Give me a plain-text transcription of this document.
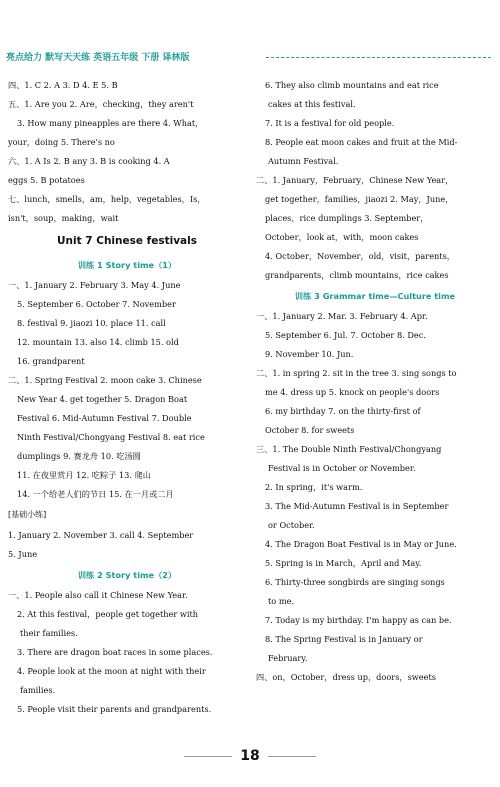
亮点给力 默写天天练 英语五年级 下册 译林版
四、1. C 2. A 3. D 4. E 5. B
五、1. Are you 2. Are，checking，they aren't
3. How many pineapples are there 4. What，
your，doing 5. There's no
六、1. A Is 2. B any 3. B is cooking 4. A
eggs 5. B potatoes
七、lunch，smells，am，help，vegetables，Is，
isn't，soup，making，wait
Unit 7 Chinese festivals
训练 1 Story time（1）
一、1. January 2. February 3. May 4. June
5. September 6. October 7. November
8. festival 9. jiaozi 10. place 11. call
12. mountain 13. also 14. climb 15. old
16. grandparent
二、1. Spring Festival 2. moon cake 3. Chinese
New Year 4. get together 5. Dragon Boat
Festival 6. Mid-Autumn Festival 7. Double
Ninth Festival/Chongyang Festival 8. eat rice
dumplings 9. 赛龙舟 10. 吃汤圆
11. 在夜里赏月 12. 吃粽子 13. 爬山
14. 一个给老人们的节日 15. 在一月或二月
[基础小练]
1. January 2. November 3. call 4. September
5. June
训练 2 Story time（2）
一、1. People also call it Chinese New Year.
2. At this festival，people get together with
their families.
3. There are dragon boat races in some places.
4. People look at the moon at night with their
families.
5. People visit their parents and grandparents.
6. They also climb mountains and eat rice
cakes at this festival.
7. It is a festival for old people.
8. People eat moon cakes and fruit at the Mid-
Autumn Festival.
二、1. January，February，Chinese New Year，
get together，families，jiaozi 2. May，June，
places，rice dumplings 3. September，
October，look at，with，moon cakes
4. October，November，old，visit，parents，
grandparents，climb mountains，rice cakes
训练 3 Grammar time—Culture time
一、1. January 2. Mar. 3. February 4. Apr.
5. September 6. Jul. 7. October 8. Dec.
9. November 10. Jun.
二、1. in spring 2. sit in the tree 3. sing songs to
me 4. dress up 5. knock on people's doors
6. my birthday 7. on the thirty-first of
October 8. for sweets
三、1. The Double Ninth Festival/Chongyang
Festival is in October or November.
2. In spring，it's warm.
3. The Mid-Autumn Festival is in September
or October.
4. The Dragon Boat Festival is in May or June.
5. Spring is in March，April and May.
6. Thirty-three songbirds are singing songs
to me.
7. Today is my birthday. I'm happy as can be.
8. The Spring Festival is in January or
February.
四、on，October，dress up，doors，sweets
18
